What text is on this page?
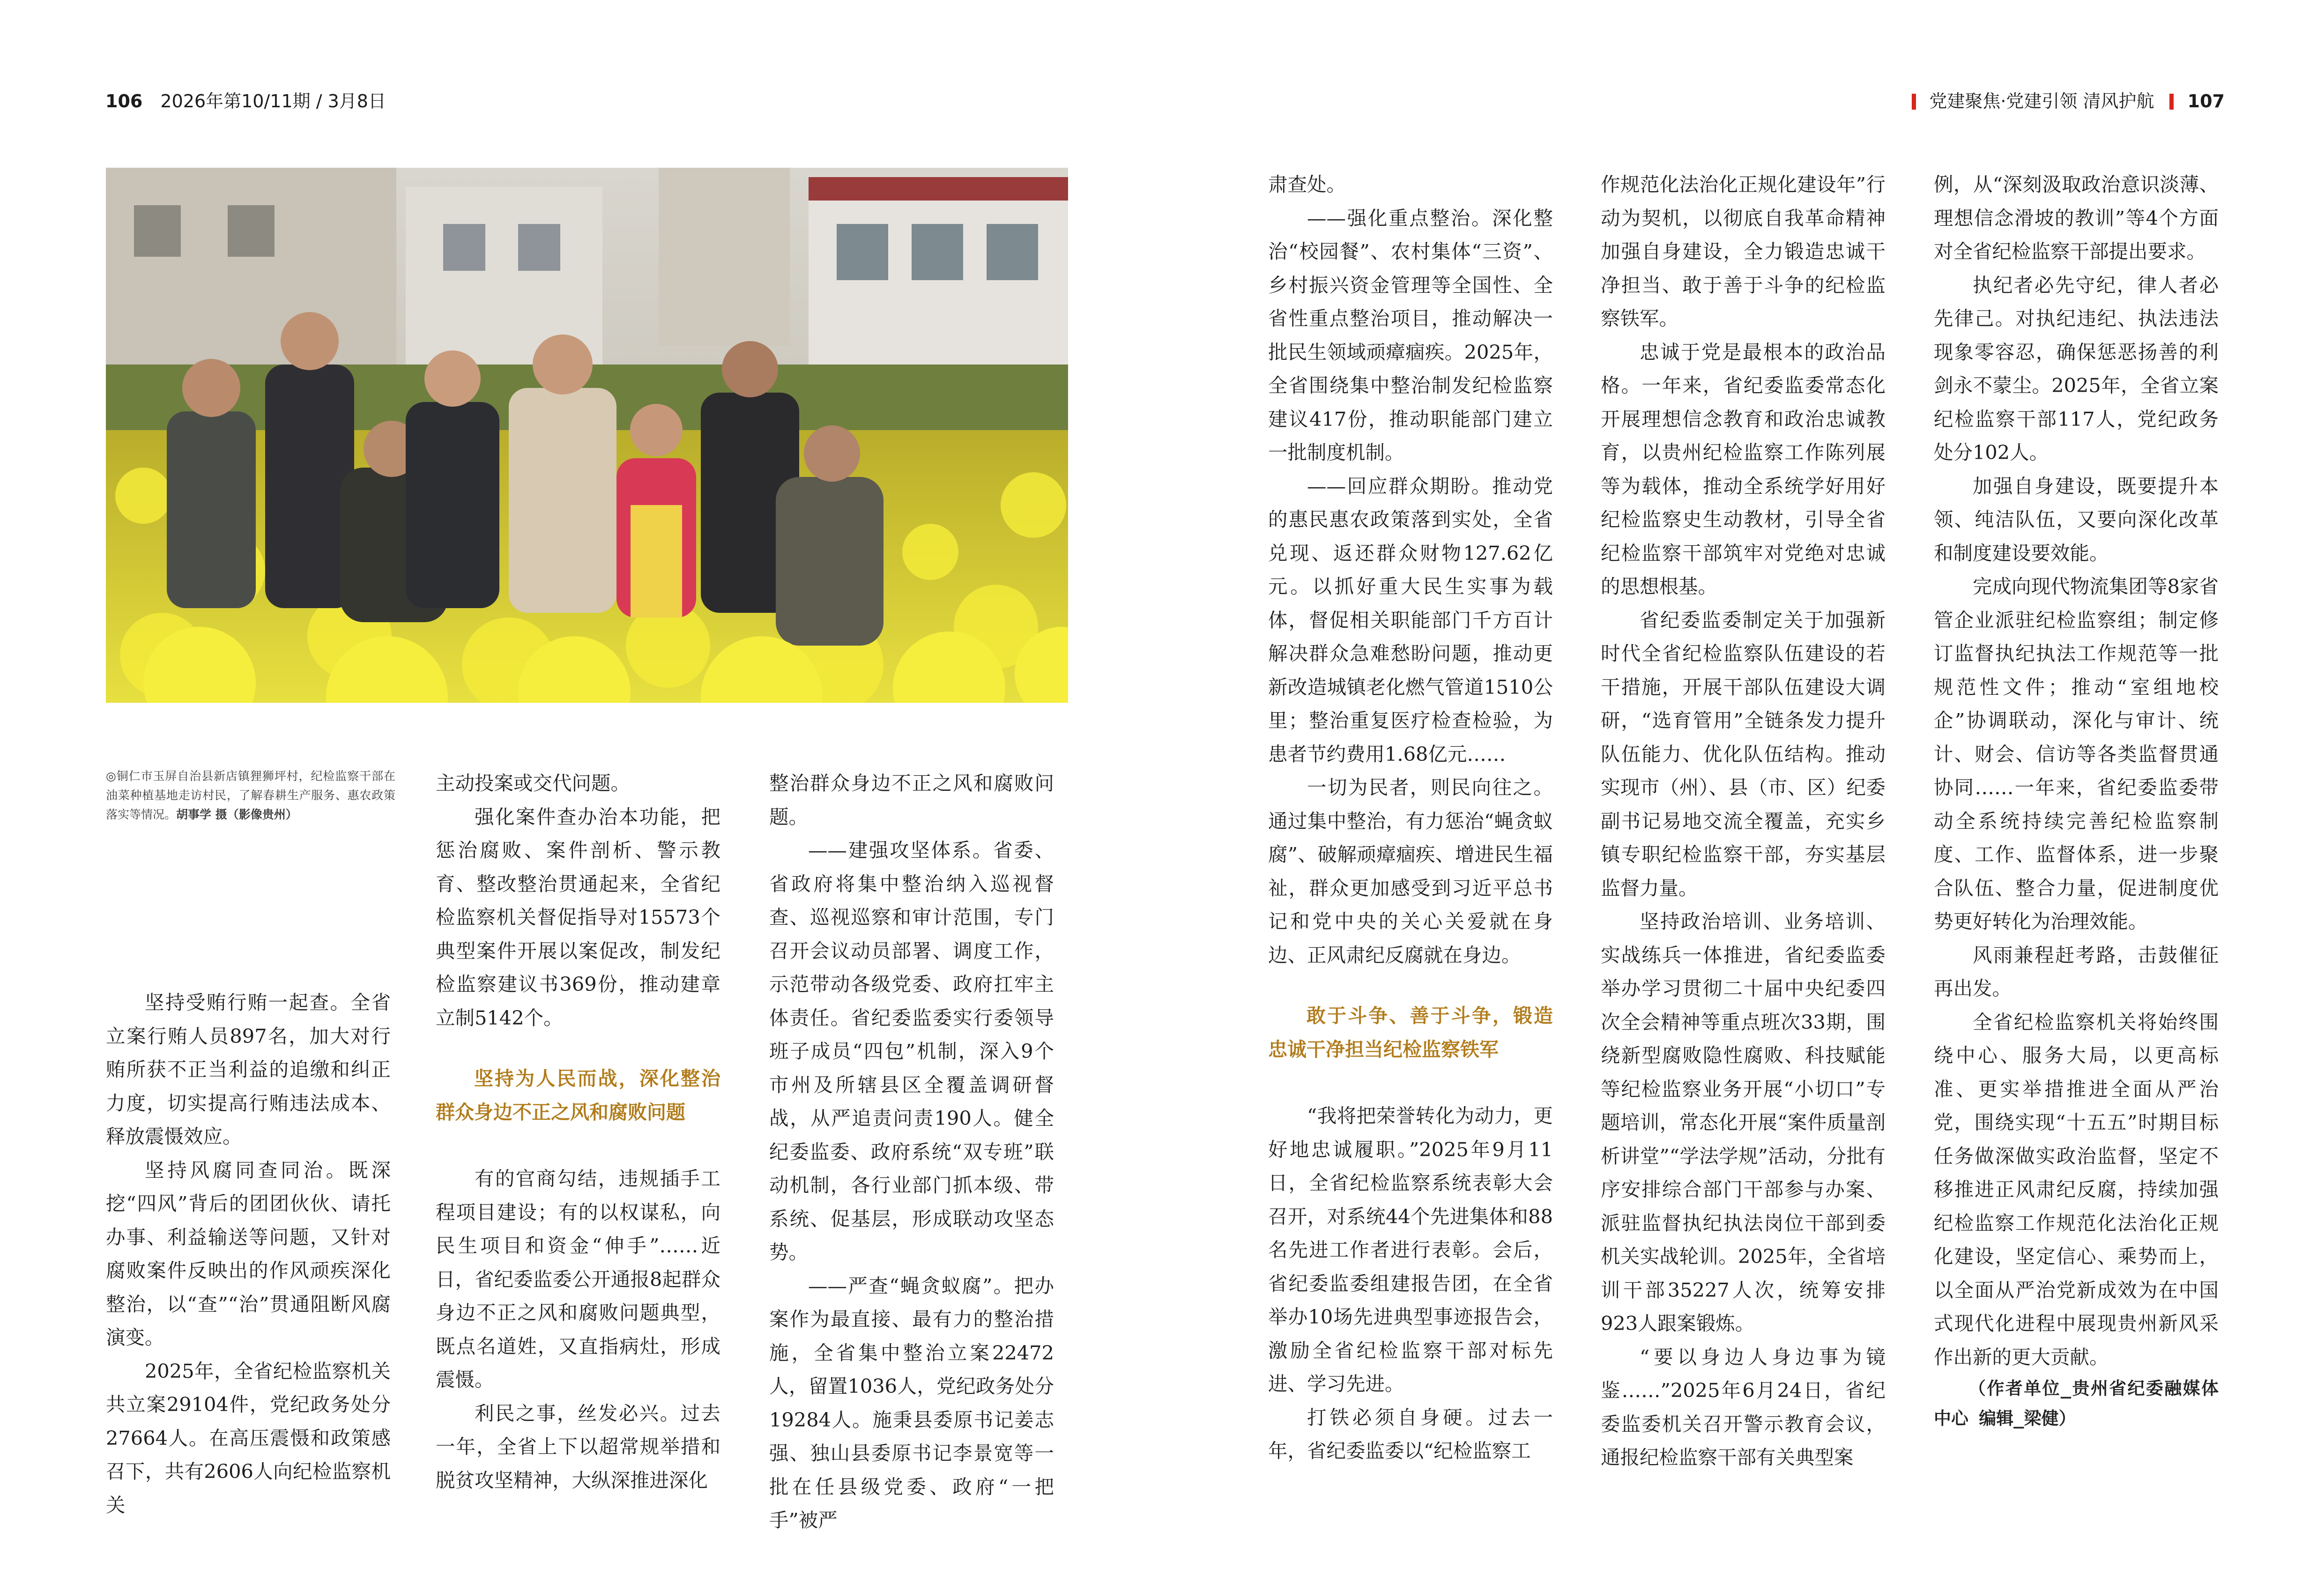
106 2026年第10/11期 / 3月8日	党建聚焦·党建引领 清风护航 107
◎铜仁市玉屏自治县新店镇狸狮坪村，纪检监察干部在油菜种植基地走访村民，了解春耕生产服务、惠农政策落实等情况。胡事学 摄（影像贵州）

坚持受贿行贿一起查。全省立案行贿人员897名，加大对行贿所获不正当利益的追缴和纠正力度，切实提高行贿违法成本、释放震慑效应。

坚持风腐同查同治。既深挖“四风”背后的团团伙伙、请托办事、利益输送等问题，又针对腐败案件反映出的作风顽疾深化整治，以“查”“治”贯通阻断风腐演变。

2025年，全省纪检监察机关共立案29104件，党纪政务处分27664人。在高压震慑和政策感召下，共有2606人向纪检监察机关

主动投案或交代问题。

强化案件查办治本功能，把惩治腐败、案件剖析、警示教育、整改整治贯通起来，全省纪检监察机关督促指导对15573个典型案件开展以案促改，制发纪检监察建议书369份，推动建章立制5142个。

坚持为人民而战，深化整治群众身边不正之风和腐败问题

有的官商勾结，违规插手工程项目建设；有的以权谋私，向民生项目和资金“伸手”……近日，省纪委监委公开通报8起群众身边不正之风和腐败问题典型，既点名道姓，又直指病灶，形成震慑。

利民之事，丝发必兴。过去一年，全省上下以超常规举措和脱贫攻坚精神，大纵深推进深化

整治群众身边不正之风和腐败问题。

——建强攻坚体系。省委、省政府将集中整治纳入巡视督查、巡视巡察和审计范围，专门召开会议动员部署、调度工作，示范带动各级党委、政府扛牢主体责任。省纪委监委实行委领导班子成员“四包”机制，深入9个市州及所辖县区全覆盖调研督战，从严追责问责190人。健全纪委监委、政府系统“双专班”联动机制，各行业部门抓本级、带系统、促基层，形成联动攻坚态势。

——严查“蝇贪蚁腐”。把办案作为最直接、最有力的整治措施，全省集中整治立案22472人，留置1036人，党纪政务处分19284人。施秉县委原书记姜志强、独山县委原书记李景宽等一批在任县级党委、政府“一把手”被严

肃查处。

——强化重点整治。深化整治“校园餐”、农村集体“三资”、乡村振兴资金管理等全国性、全省性重点整治项目，推动解决一批民生领域顽瘴痼疾。2025年，全省围绕集中整治制发纪检监察建议417份，推动职能部门建立一批制度机制。

——回应群众期盼。推动党的惠民惠农政策落到实处，全省兑现、返还群众财物127.62亿元。以抓好重大民生实事为载体，督促相关职能部门千方百计解决群众急难愁盼问题，推动更新改造城镇老化燃气管道1510公里；整治重复医疗检查检验，为患者节约费用1.68亿元……

一切为民者，则民向往之。通过集中整治，有力惩治“蝇贪蚁腐”、破解顽瘴痼疾、增进民生福祉，群众更加感受到习近平总书记和党中央的关心关爱就在身边、正风肃纪反腐就在身边。

敢于斗争、善于斗争，锻造忠诚干净担当纪检监察铁军

“我将把荣誉转化为动力，更好地忠诚履职。”2025年9月11日，全省纪检监察系统表彰大会召开，对系统44个先进集体和88名先进工作者进行表彰。会后，省纪委监委组建报告团，在全省举办10场先进典型事迹报告会，激励全省纪检监察干部对标先进、学习先进。

打铁必须自身硬。过去一年，省纪委监委以“纪检监察工

作规范化法治化正规化建设年”行动为契机，以彻底自我革命精神加强自身建设，全力锻造忠诚干净担当、敢于善于斗争的纪检监察铁军。

忠诚于党是最根本的政治品格。一年来，省纪委监委常态化开展理想信念教育和政治忠诚教育，以贵州纪检监察工作陈列展等为载体，推动全系统学好用好纪检监察史生动教材，引导全省纪检监察干部筑牢对党绝对忠诚的思想根基。

省纪委监委制定关于加强新时代全省纪检监察队伍建设的若干措施，开展干部队伍建设大调研，“选育管用”全链条发力提升队伍能力、优化队伍结构。推动实现市（州）、县（市、区）纪委副书记易地交流全覆盖，充实乡镇专职纪检监察干部，夯实基层监督力量。

坚持政治培训、业务培训、实战练兵一体推进，省纪委监委举办学习贯彻二十届中央纪委四次全会精神等重点班次33期，围绕新型腐败隐性腐败、科技赋能等纪检监察业务开展“小切口”专题培训，常态化开展“案件质量剖析讲堂”“学法学规”活动，分批有序安排综合部门干部参与办案、派驻监督执纪执法岗位干部到委机关实战轮训。2025年，全省培训干部35227人次，统筹安排923人跟案锻炼。

“要以身边人身边事为镜鉴……”2025年6月24日，省纪委监委机关召开警示教育会议，通报纪检监察干部有关典型案

例，从“深刻汲取政治意识淡薄、理想信念滑坡的教训”等4个方面对全省纪检监察干部提出要求。

执纪者必先守纪，律人者必先律己。对执纪违纪、执法违法现象零容忍，确保惩恶扬善的利剑永不蒙尘。2025年，全省立案纪检监察干部117人，党纪政务处分102人。

加强自身建设，既要提升本领、纯洁队伍，又要向深化改革和制度建设要效能。

完成向现代物流集团等8家省管企业派驻纪检监察组；制定修订监督执纪执法工作规范等一批规范性文件；推动“室组地校企”协调联动，深化与审计、统计、财会、信访等各类监督贯通协同……一年来，省纪委监委带动全系统持续完善纪检监察制度、工作、监督体系，进一步聚合队伍、整合力量，促进制度优势更好转化为治理效能。

风雨兼程赶考路，击鼓催征再出发。

全省纪检监察机关将始终围绕中心、服务大局，以更高标准、更实举措推进全面从严治党，围绕实现“十五五”时期目标任务做深做实政治监督，坚定不移推进正风肃纪反腐，持续加强纪检监察工作规范化法治化正规化建设，坚定信心、乘势而上，以全面从严治党新成效为在中国式现代化进程中展现贵州新风采作出新的更大贡献。

（作者单位_贵州省纪委融媒体中心 编辑_梁健）
